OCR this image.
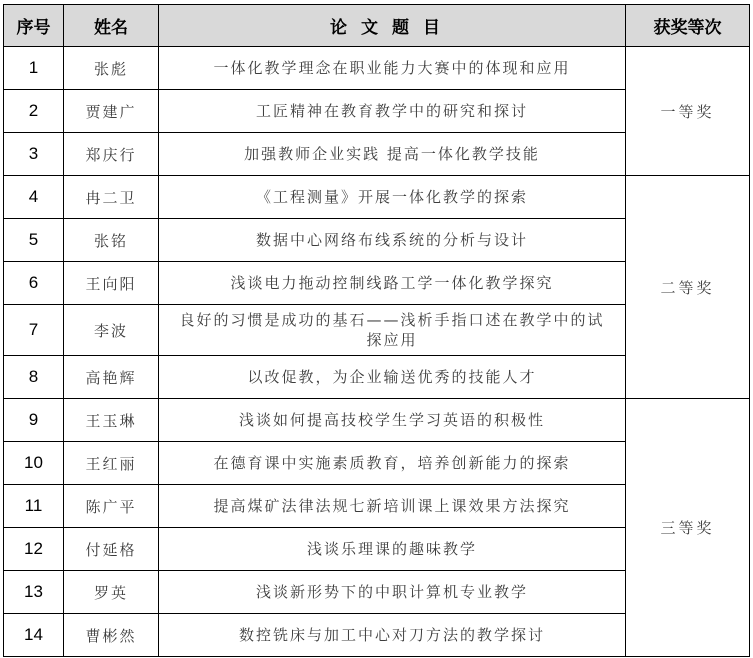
序号	姓名	论文题目	获奖等次
1	张彪	一体化教学理念在职业能力大赛中的体现和应用	一等奖
2	贾建广	工匠精神在教育教学中的研究和探讨	
3	郑庆行	加强教师企业实践 提高一体化教学技能	
4	冉二卫	《工程测量》开展一体化教学的探索	二等奖
5	张铭	数据中心网络布线系统的分析与设计	
6	王向阳	浅谈电力拖动控制线路工学一体化教学探究	
7	李波	良好的习惯是成功的基石——浅析手指口述在教学中的试探应用	
8	高艳辉	以改促教，为企业输送优秀的技能人才	
9	王玉琳	浅谈如何提高技校学生学习英语的积极性	三等奖
10	王红丽	在德育课中实施素质教育，培养创新能力的探索	
11	陈广平	提高煤矿法律法规七新培训课上课效果方法探究	
12	付延格	浅谈乐理课的趣味教学	
13	罗英	浅谈新形势下的中职计算机专业教学	
14	曹彬然	数控铣床与加工中心对刀方法的教学探讨	
